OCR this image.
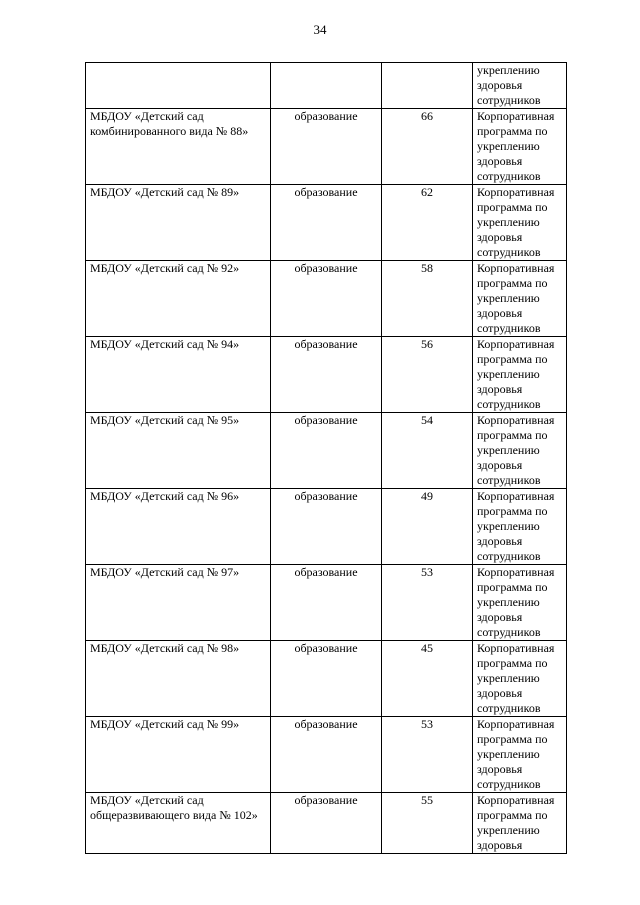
34

			укреплению
здоровья
сотрудников

МБДОУ «Детский сад комбинированного вида № 88»	образование	66	Корпоративная
программа по
укреплению
здоровья
сотрудников

МБДОУ «Детский сад № 89»	образование	62	Корпоративная
программа по
укреплению
здоровья
сотрудников

МБДОУ «Детский сад № 92»	образование	58	Корпоративная
программа по
укреплению
здоровья
сотрудников

МБДОУ «Детский сад № 94»	образование	56	Корпоративная
программа по
укреплению
здоровья
сотрудников

МБДОУ «Детский сад № 95»	образование	54	Корпоративная
программа по
укреплению
здоровья
сотрудников

МБДОУ «Детский сад № 96»	образование	49	Корпоративная
программа по
укреплению
здоровья
сотрудников

МБДОУ «Детский сад № 97»	образование	53	Корпоративная
программа по
укреплению
здоровья
сотрудников

МБДОУ «Детский сад № 98»	образование	45	Корпоративная
программа по
укреплению
здоровья
сотрудников

МБДОУ «Детский сад № 99»	образование	53	Корпоративная
программа по
укреплению
здоровья
сотрудников

МБДОУ «Детский сад общеразвивающего вида № 102»	образование	55	Корпоративная
программа по
укреплению
здоровья
